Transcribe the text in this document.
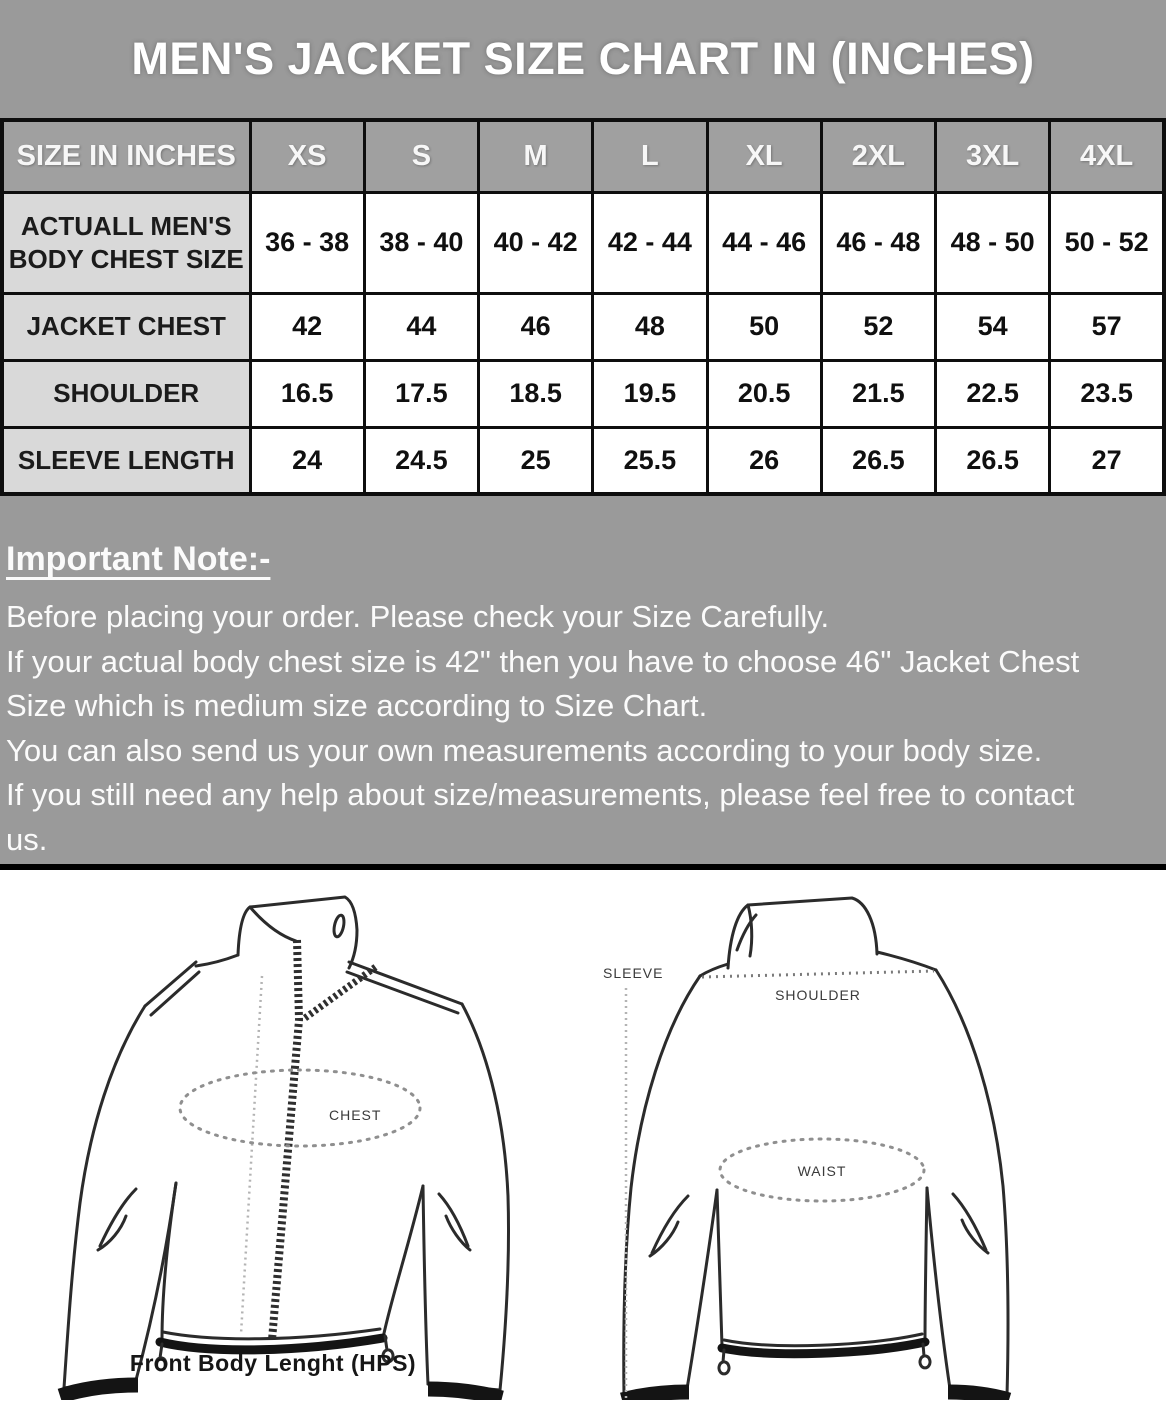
MEN'S JACKET SIZE CHART IN (INCHES)
SIZE IN INCHES	XS	S	M	L	XL	2XL	3XL	4XL
ACTUALL MEN'S BODY CHEST SIZE	36 - 38	38 - 40	40 - 42	42 - 44	44 - 46	46 - 48	48 - 50	50 - 52
JACKET CHEST	42	44	46	48	50	52	54	57
SHOULDER	16.5	17.5	18.5	19.5	20.5	21.5	22.5	23.5
SLEEVE LENGTH	24	24.5	25	25.5	26	26.5	26.5	27
Important Note:-
Before placing your order. Please check your Size Carefully.
If your actual body chest size is 42" then you have to choose 46" Jacket Chest
Size which is medium size according to Size Chart.
You can also send us your own measurements according to your body size.
If you still need any help about size/measurements, please feel free to contact
us.
CHEST
Front Body Lenght (HPS)
SLEEVE
SHOULDER
WAIST
